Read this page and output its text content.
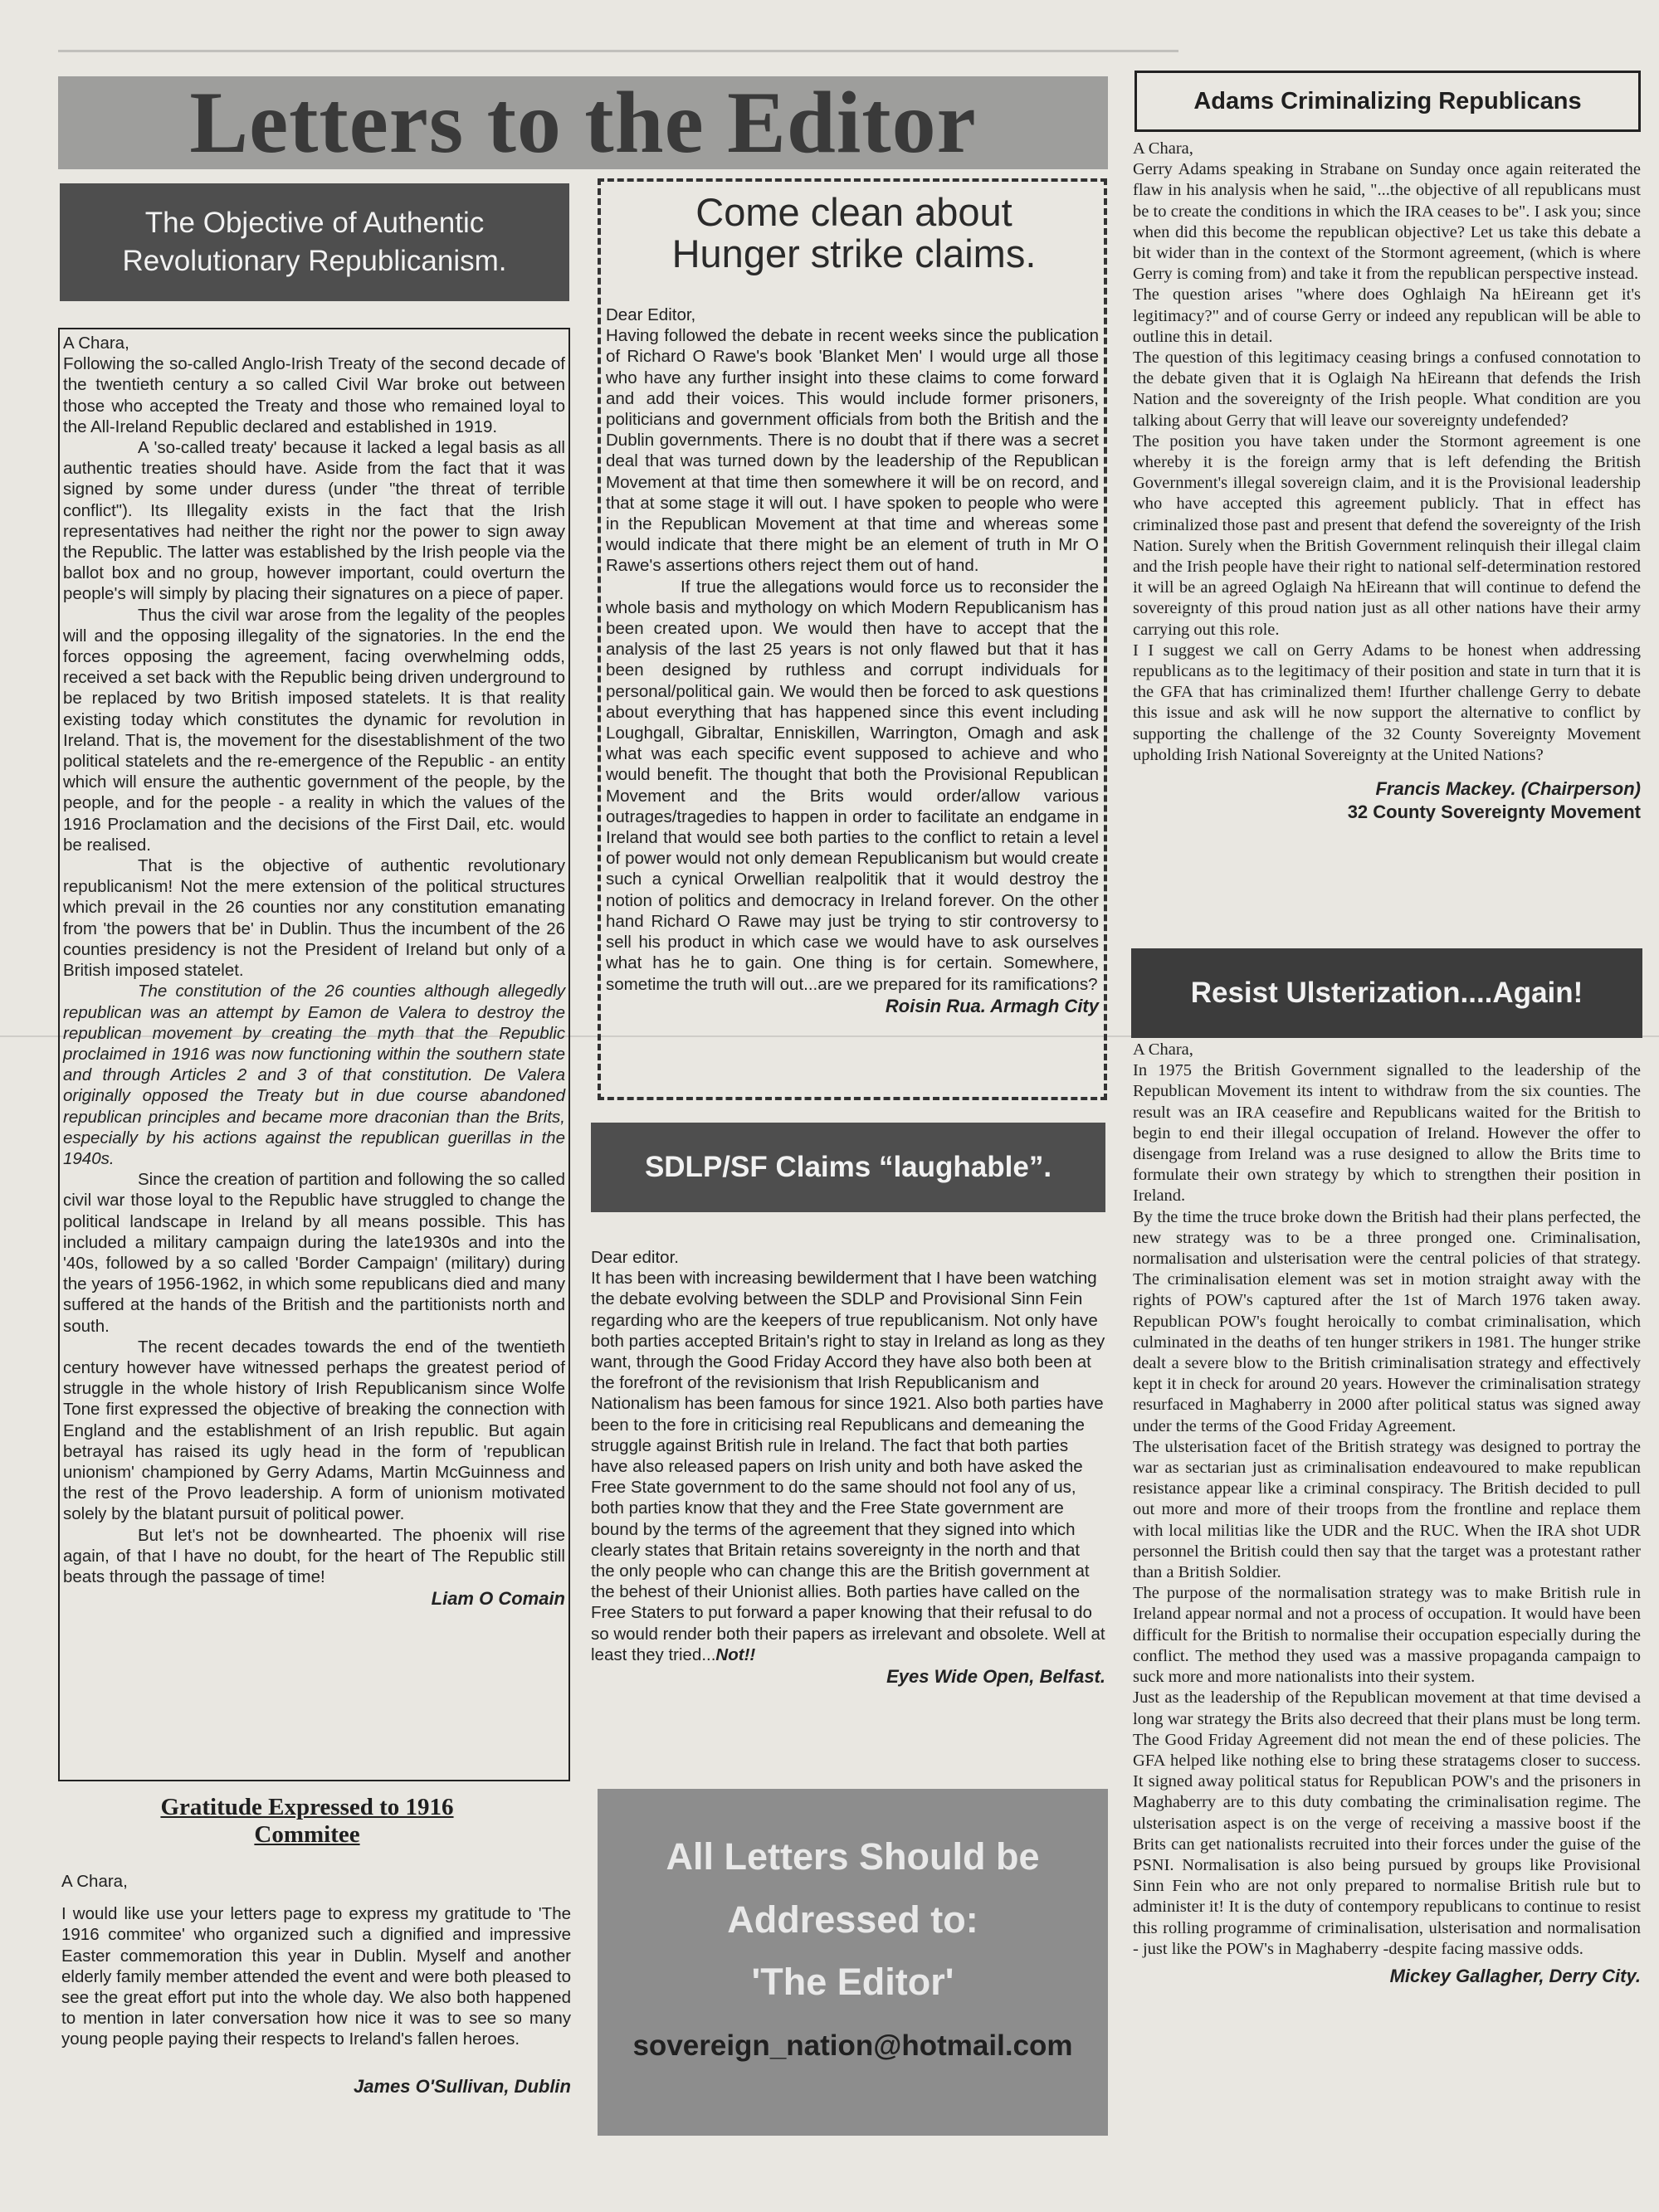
Letters to the Editor
The Objective of Authentic Revolutionary Republicanism.

A Chara,

Following the so-called Anglo-Irish Treaty of the second decade of the twentieth century a so called Civil War broke out between those who accepted the Treaty and those who remained loyal to the All-Ireland Republic declared and established in 1919.

A 'so-called treaty' because it lacked a legal basis as all authentic treaties should have. Aside from the fact that it was signed by some under duress (under "the threat of terrible conflict"). Its Illegality exists in the fact that the Irish representatives had neither the right nor the power to sign away the Republic. The latter was established by the Irish people via the ballot box and no group, however important, could overturn the people's will simply by placing their signatures on a piece of paper.

Thus the civil war arose from the legality of the peoples will and the opposing illegality of the signatories. In the end the forces opposing the agreement, facing overwhelming odds, received a set back with the Republic being driven underground to be replaced by two British imposed statelets. It is that reality existing today which constitutes the dynamic for revolution in Ireland. That is, the movement for the disestablishment of the two political statelets and the re-emergence of the Republic - an entity which will ensure the authentic government of the people, by the people, and for the people - a reality in which the values of the 1916 Proclamation and the decisions of the First Dail, etc. would be realised.

That is the objective of authentic revolutionary republicanism! Not the mere extension of the political structures which prevail in the 26 counties nor any constitution emanating from 'the powers that be' in Dublin. Thus the incumbent of the 26 counties presidency is not the President of Ireland but only of a British imposed statelet.

The constitution of the 26 counties although allegedly republican was an attempt by Eamon de Valera to destroy the republican movement by creating the myth that the Republic proclaimed in 1916 was now functioning within the southern state and through Articles 2 and 3 of that constitution. De Valera originally opposed the Treaty but in due course abandoned republican principles and became more draconian than the Brits, especially by his actions against the republican guerillas in the 1940s.

Since the creation of partition and following the so called civil war those loyal to the Republic have struggled to change the political landscape in Ireland by all means possible. This has included a military campaign during the late1930s and into the '40s, followed by a so called 'Border Campaign' (military) during the years of 1956-1962, in which some republicans died and many suffered at the hands of the British and the partitionists north and south.

The recent decades towards the end of the twentieth century however have witnessed perhaps the greatest period of struggle in the whole history of Irish Republicanism since Wolfe Tone first expressed the objective of breaking the connection with England and the establishment of an Irish republic. But again betrayal has raised its ugly head in the form of 'republican unionism' championed by Gerry Adams, Martin McGuinness and the rest of the Provo leadership. A form of unionism motivated solely by the blatant pursuit of political power.

But let's not be downhearted. The phoenix will rise again, of that I have no doubt, for the heart of The Republic still beats through the passage of time!

Liam O Comain

Gratitude Expressed to 1916 Commitee

A Chara,

I would like use your letters page to express my gratitude to 'The 1916 commitee' who organized such a dignified and impressive Easter commemoration this year in Dublin. Myself and another elderly family member attended the event and were both pleased to see the great effort put into the whole day. We also both happened to mention in later conversation how nice it was to see so many young people paying their respects to Ireland's fallen heroes.

James O'Sullivan, Dublin

Come clean about Hunger strike claims.

Dear Editor,

Having followed the debate in recent weeks since the publication of Richard O Rawe's book 'Blanket Men' I would urge all those who have any further insight into these claims to come forward and add their voices. This would include former prisoners, politicians and government officials from both the British and the Dublin governments. There is no doubt that if there was a secret deal that was turned down by the leadership of the Republican Movement at that time then somewhere it will be on record, and that at some stage it will out. I have spoken to people who were in the Republican Movement at that time and whereas some would indicate that there might be an element of truth in Mr O Rawe's assertions others reject them out of hand.

If true the allegations would force us to reconsider the whole basis and mythology on which Modern Republicanism has been created upon. We would then have to accept that the analysis of the last 25 years is not only flawed but that it has been designed by ruthless and corrupt individuals for personal/political gain. We would then be forced to ask questions about everything that has happened since this event including Loughgall, Gibraltar, Enniskillen, Warrington, Omagh and ask what was each specific event supposed to achieve and who would benefit. The thought that both the Provisional Republican Movement and the Brits would order/allow various outrages/tragedies to happen in order to facilitate an endgame in Ireland that would see both parties to the conflict to retain a level of power would not only demean Republicanism but would create such a cynical Orwellian realpolitik that it would destroy the notion of politics and democracy in Ireland forever. On the other hand Richard O Rawe may just be trying to stir controversy to sell his product in which case we would have to ask ourselves what has he to gain. One thing is for certain. Somewhere, sometime the truth will out...are we prepared for its ramifications?

Roisin Rua. Armagh City

SDLP/SF Claims “laughable”.

Dear editor.

It has been with increasing bewilderment that I have been watching the debate evolving between the SDLP and Provisional Sinn Fein regarding who are the keepers of true republicanism. Not only have both parties accepted Britain's right to stay in Ireland as long as they want, through the Good Friday Accord they have also both been at the forefront of the revisionism that Irish Republicanism and Nationalism has been famous for since 1921. Also both parties have been to the fore in criticising real Republicans and demeaning the struggle against British rule in Ireland. The fact that both parties have also released papers on Irish unity and both have asked the Free State government to do the same should not fool any of us, both parties know that they and the Free State government are bound by the terms of the agreement that they signed into which clearly states that Britain retains sovereignty in the north and that the only people who can change this are the British government at the behest of their Unionist allies. Both parties have called on the Free Staters to put forward a paper knowing that their refusal to do so would render both their papers as irrelevant and obsolete. Well at least they tried...Not!!

Eyes Wide Open, Belfast.

All Letters Should be
Addressed to:
'The Editor'
sovereign_nation@hotmail.com
Adams Criminalizing Republicans

A Chara,

Gerry Adams speaking in Strabane on Sunday once again reiterated the flaw in his analysis when he said, "...the objective of all republicans must be to create the conditions in which the IRA ceases to be". I ask you; since when did this become the republican objective? Let us take this debate a bit wider than in the context of the Stormont agreement, (which is where Gerry is coming from) and take it from the republican perspective instead.

The question arises "where does Oghlaigh Na hEireann get it's legitimacy?" and of course Gerry or indeed any republican will be able to outline this in detail.

The question of this legitimacy ceasing brings a confused connotation to the debate given that it is Oglaigh Na hEireann that defends the Irish Nation and the sovereignty of the Irish people. What condition are you talking about Gerry that will leave our sovereignty undefended?

The position you have taken under the Stormont agreement is one whereby it is the foreign army that is left defending the British Government's illegal sovereign claim, and it is the Provisional leadership who have accepted this agreement publicly. That in effect has criminalized those past and present that defend the sovereignty of the Irish Nation. Surely when the British Government relinquish their illegal claim and the Irish people have their right to national self-determination restored it will be an agreed Oglaigh Na hEireann that will continue to defend the sovereignty of this proud nation just as all other nations have their army carrying out this role.

I I suggest we call on Gerry Adams to be honest when addressing republicans as to the legitimacy of their position and state in turn that it is the GFA that has criminalized them! Ifurther challenge Gerry to debate this issue and ask will he now support the alternative to conflict by supporting the challenge of the 32 County Sovereignty Movement upholding Irish National Sovereignty at the United Nations?

Francis Mackey. (Chairperson)

32 County Sovereignty Movement

Resist Ulsterization....Again!

A Chara,

In 1975 the British Government signalled to the leadership of the Republican Movement its intent to withdraw from the six counties. The result was an IRA ceasefire and Republicans waited for the British to begin to end their illegal occupation of Ireland. However the offer to disengage from Ireland was a ruse designed to allow the Brits time to formulate their own strategy by which to strengthen their position in Ireland.

By the time the truce broke down the British had their plans perfected, the new strategy was to be a three pronged one. Criminalisation, normalisation and ulsterisation were the central policies of that strategy. The criminalisation element was set in motion straight away with the rights of POW's captured after the 1st of March 1976 taken away. Republican POW's fought heroically to combat criminalisation, which culminated in the deaths of ten hunger strikers in 1981. The hunger strike dealt a severe blow to the British criminalisation strategy and effectively kept it in check for around 20 years. However the criminalisation strategy resurfaced in Maghaberry in 2000 after political status was signed away under the terms of the Good Friday Agreement.

The ulsterisation facet of the British strategy was designed to portray the war as sectarian just as criminalisation endeavoured to make republican resistance appear like a criminal conspiracy. The British decided to pull out more and more of their troops from the frontline and replace them with local militias like the UDR and the RUC. When the IRA shot UDR personnel the British could then say that the target was a protestant rather than a British Soldier.

The purpose of the normalisation strategy was to make British rule in Ireland appear normal and not a process of occupation. It would have been difficult for the British to normalise their occupation especially during the conflict. The method they used was a massive propaganda campaign to suck more and more nationalists into their system.

Just as the leadership of the Republican movement at that time devised a long war strategy the Brits also decreed that their plans must be long term. The Good Friday Agreement did not mean the end of these policies. The GFA helped like nothing else to bring these stratagems closer to success. It signed away political status for Republican POW's and the prisoners in Maghaberry are to this duty combating the criminalisation regime. The ulsterisation aspect is on the verge of receiving a massive boost if the Brits can get nationalists recruited into their forces under the guise of the PSNI. Normalisation is also being pursued by groups like Provisional Sinn Fein who are not only prepared to normalise British rule but to administer it! It is the duty of contempory republicans to continue to resist this rolling programme of criminalisation, ulsterisation and normalisation - just like the POW's in Maghaberry -despite facing massive odds.

Mickey Gallagher, Derry City.
